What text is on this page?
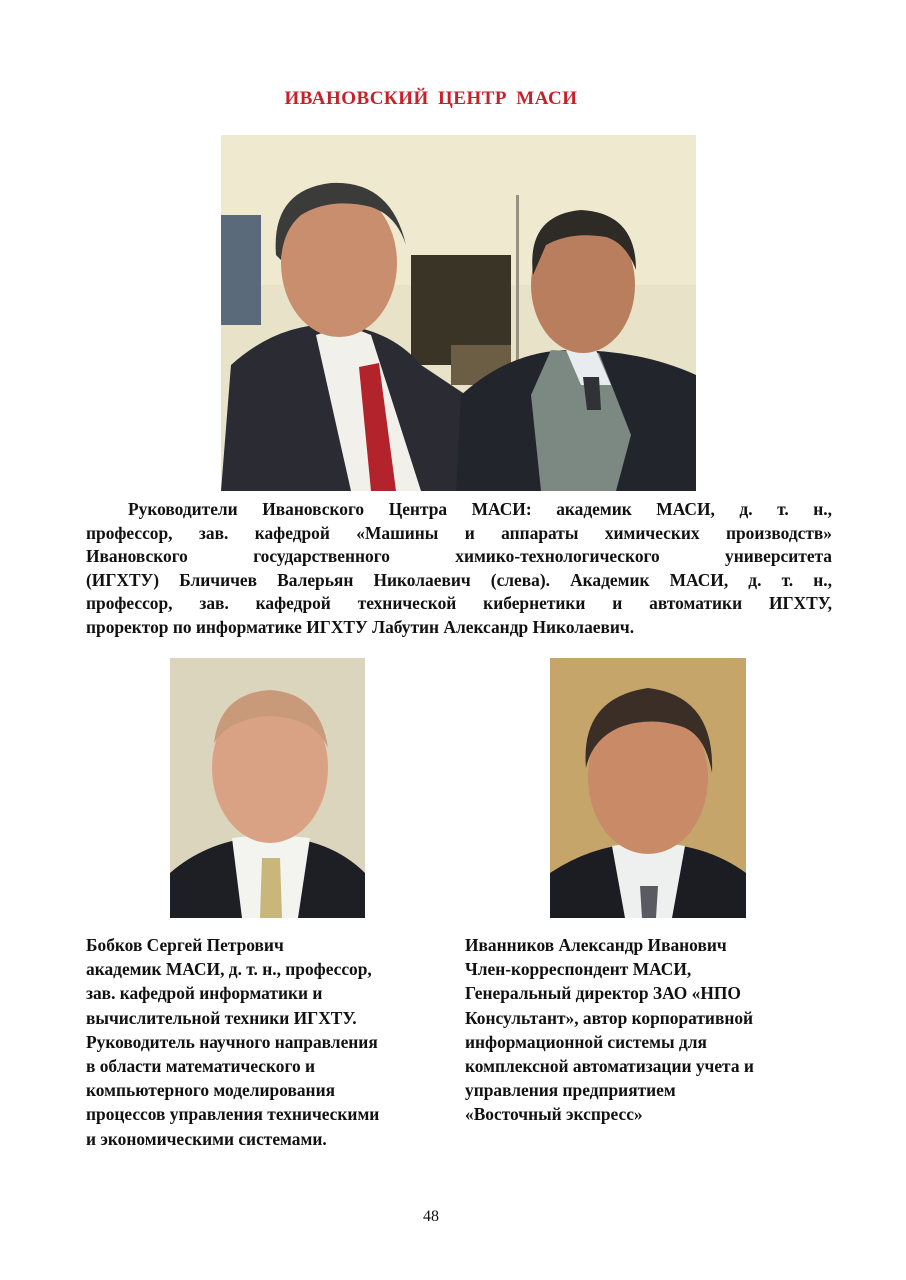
ИВАНОВСКИЙ ЦЕНТР МАСИ
Руководители Ивановского Центра МАСИ: академик МАСИ, д. т. н.,
профессор, зав. кафедрой «Машины и аппараты химических производств»
Ивановского государственного химико-технологического университета
(ИГХТУ) Бличичев Валерьян Николаевич (слева). Академик МАСИ, д. т. н.,
профессор, зав. кафедрой технической кибернетики и автоматики ИГХТУ,
проректор по информатике ИГХТУ Лабутин Александр Николаевич.
Бобков Сергей Петрович
академик МАСИ, д. т. н., профессор,
зав. кафедрой информатики и
вычислительной техники ИГХТУ.
Руководитель научного направления
в области математического и
компьютерного моделирования
процессов управления техническими
и экономическими системами.
Иванников Александр Иванович
Член-корреспондент МАСИ,
Генеральный директор ЗАО «НПО
Консультант», автор корпоративной
информационной системы для
комплексной автоматизации учета и
управления предприятием
«Восточный экспресс»
48
